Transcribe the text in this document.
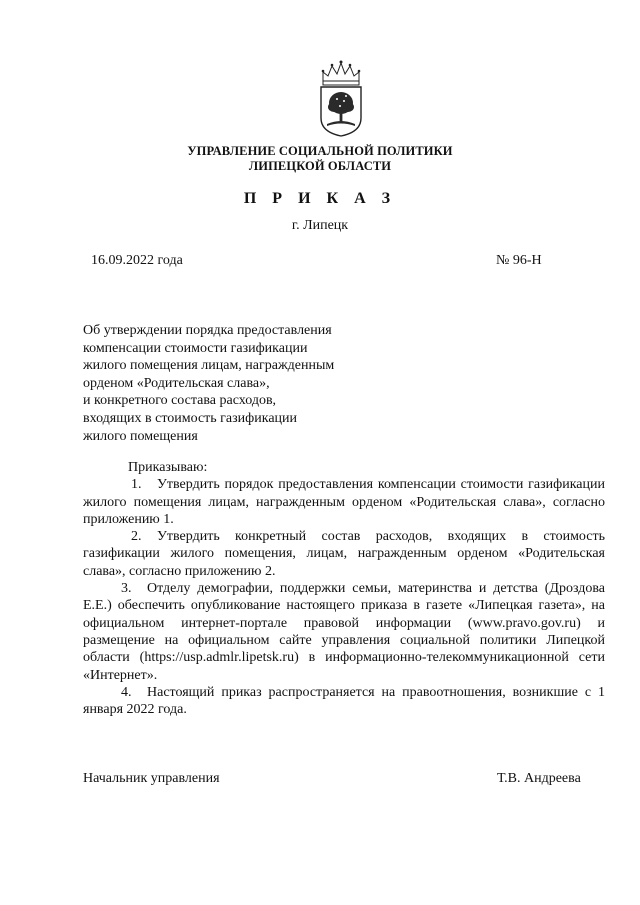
УПРАВЛЕНИЕ СОЦИАЛЬНОЙ ПОЛИТИКИ
ЛИПЕЦКОЙ ОБЛАСТИ
П Р И К А З
г. Липецк
16.09.2022 года	№ 96-Н
Об утверждении порядка предоставления
компенсации стоимости газификации
жилого помещения лицам, награжденным
орденом «Родительская слава»,
и конкретного состава расходов,
входящих в стоимость газификации
жилого помещения

Приказываю:

1. Утвердить порядок предоставления компенсации стоимости газификации жилого помещения лицам, награжденным орденом «Родительская слава», согласно приложению 1.

2. Утвердить конкретный состав расходов, входящих в стоимость газификации жилого помещения, лицам, награжденным орденом «Родительская слава», согласно приложению 2.

3. Отделу демографии, поддержки семьи, материнства и детства (Дроздова Е.Е.) обеспечить опубликование настоящего приказа в газете «Липецкая газета», на официальном интернет-портале правовой информации (www.pravo.gov.ru) и размещение на официальном сайте управления социальной политики Липецкой области (https://usp.admlr.lipetsk.ru) в информационно-телекоммуникационной сети «Интернет».

4. Настоящий приказ распространяется на правоотношения, возникшие с 1 января 2022 года.

Начальник управления	Т.В. Андреева
